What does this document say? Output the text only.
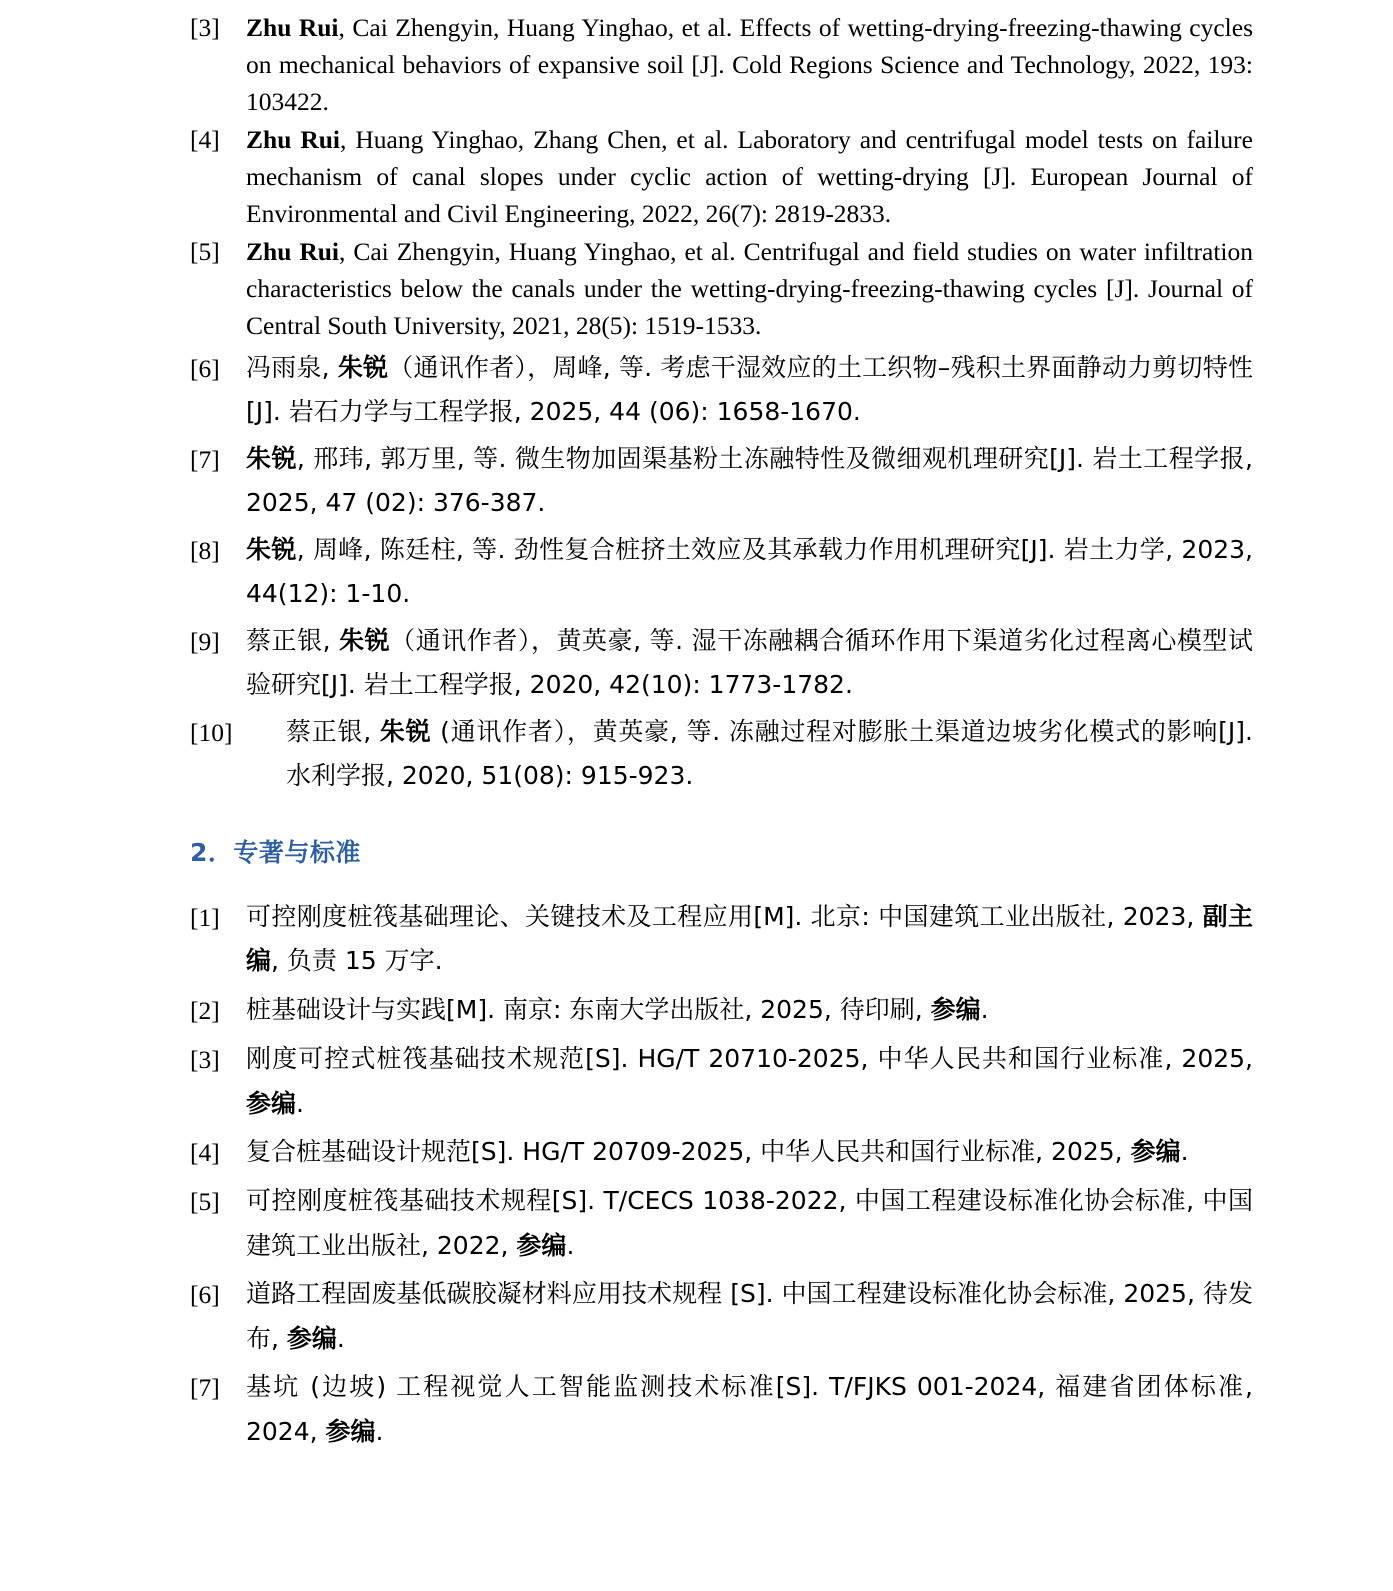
[3]	Zhu Rui, Cai Zhengyin, Huang Yinghao, et al. Effects of wetting-drying-freezing-thawing cycles on mechanical behaviors of expansive soil [J]. Cold Regions Science and Technology, 2022, 193: 103422.
[4]	Zhu Rui, Huang Yinghao, Zhang Chen, et al. Laboratory and centrifugal model tests on failure mechanism of canal slopes under cyclic action of wetting-drying [J]. European Journal of Environmental and Civil Engineering, 2022, 26(7): 2819-2833.
[5]	Zhu Rui, Cai Zhengyin, Huang Yinghao, et al. Centrifugal and field studies on water infiltration characteristics below the canals under the wetting-drying-freezing-thawing cycles [J]. Journal of Central South University, 2021, 28(5): 1519-1533.
[6]	冯雨泉, 朱锐（通讯作者），周峰, 等. 考虑干湿效应的土工织物–残积土界面静动力剪切特性 [J]. 岩石力学与工程学报, 2025, 44 (06): 1658-1670.
[7]	朱锐, 邢玮, 郭万里, 等. 微生物加固渠基粉土冻融特性及微细观机理研究[J]. 岩土工程学报, 2025, 47 (02): 376-387.
[8]	朱锐, 周峰, 陈廷柱, 等. 劲性复合桩挤土效应及其承载力作用机理研究[J]. 岩土力学, 2023, 44(12): 1-10.
[9]	蔡正银, 朱锐（通讯作者），黄英豪, 等. 湿干冻融耦合循环作用下渠道劣化过程离心模型试验研究[J]. 岩土工程学报, 2020, 42(10): 1773-1782.
[10]	蔡正银, 朱锐 (通讯作者），黄英豪, 等. 冻融过程对膨胀土渠道边坡劣化模式的影响[J]. 水利学报, 2020, 51(08): 915-923.
2．专著与标准
[1]	可控刚度桩筏基础理论、关键技术及工程应用[M]. 北京: 中国建筑工业出版社, 2023, 副主编, 负责 15 万字.
[2]	桩基础设计与实践[M]. 南京: 东南大学出版社, 2025, 待印刷, 参编.
[3]	刚度可控式桩筏基础技术规范[S]. HG/T 20710-2025, 中华人民共和国行业标准, 2025, 参编.
[4]	复合桩基础设计规范[S]. HG/T 20709-2025, 中华人民共和国行业标准, 2025, 参编.
[5]	可控刚度桩筏基础技术规程[S]. T/CECS 1038-2022, 中国工程建设标准化协会标准, 中国建筑工业出版社, 2022, 参编.
[6]	道路工程固废基低碳胶凝材料应用技术规程 [S]. 中国工程建设标准化协会标准, 2025, 待发布, 参编.
[7]	基坑 (边坡) 工程视觉人工智能监测技术标准[S]. T/FJKS 001-2024, 福建省团体标准, 2024, 参编.
